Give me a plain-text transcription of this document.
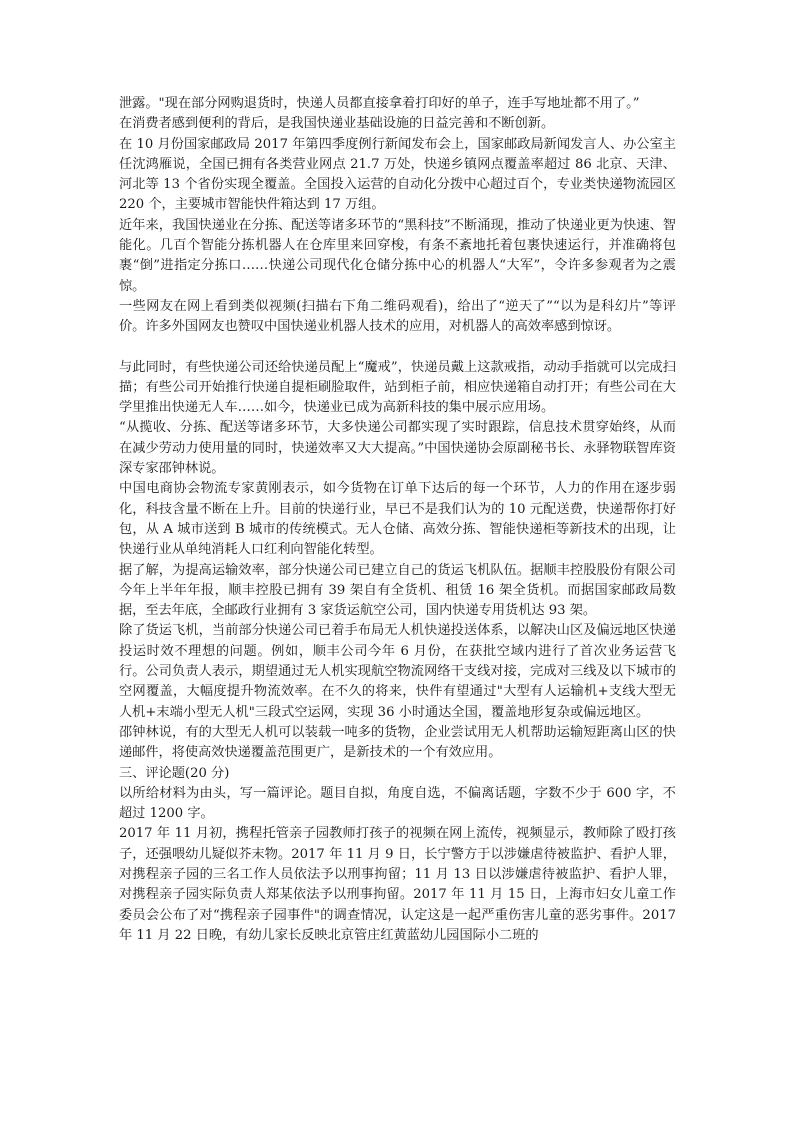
泄露。"现在部分网购退货时，快递人员都直接拿着打印好的单子，连手写地址都不用了。”

在消费者感到便利的背后，是我国快递业基础设施的日益完善和不断创新。

在 10 月份国家邮政局 2017 年第四季度例行新闻发布会上，国家邮政局新闻发言人、办公室主任沈鸿雁说，全国已拥有各类营业网点 21.7 万处，快递乡镇网点覆盖率超过 86 北京、天津、河北等 13 个省份实现全覆盖。全国投入运营的自动化分拨中心超过百个，专业类快递物流园区 220 个，主要城市智能快件箱达到 17 万组。

近年来，我国快递业在分拣、配送等诸多环节的“黑科技”不断涌现，推动了快递业更为快速、智能化。几百个智能分拣机器人在仓库里来回穿梭，有条不紊地托着包裹快速运行，并准确将包裹“倒”进指定分拣口……快递公司现代化仓储分拣中心的机器人“大军”，令许多参观者为之震惊。

一些网友在网上看到类似视频(扫描右下角二维码观看)，给出了“逆天了”“以为是科幻片”等评价。许多外国网友也赞叹中国快递业机器人技术的应用，对机器人的高效率感到惊讶。

与此同时，有些快递公司还给快递员配上“魔戒”，快递员戴上这款戒指，动动手指就可以完成扫描；有些公司开始推行快递自提柜刷脸取件，站到柜子前，相应快递箱自动打开；有些公司在大学里推出快递无人车……如今，快递业已成为高新科技的集中展示应用场。

“从揽收、分拣、配送等诸多环节，大多快递公司都实现了实时跟踪，信息技术贯穿始终，从而在减少劳动力使用量的同时，快递效率又大大提高。”中国快递协会原副秘书长、永驿物联智库资深专家邵钟林说。

中国电商协会物流专家黄刚表示，如今货物在订单下达后的每一个环节，人力的作用在逐步弱化，科技含量不断在上升。目前的快递行业，早已不是我们认为的 10 元配送费，快递帮你打好包，从 A 城市送到 B 城市的传统模式。无人仓储、高效分拣、智能快递柜等新技术的出现，让快递行业从单纯消耗人口红利向智能化转型。

据了解，为提高运输效率，部分快递公司已建立自己的货运飞机队伍。据顺丰控股股份有限公司今年上半年年报，顺丰控股已拥有 39 架自有全货机、租赁 16 架全货机。而据国家邮政局数据，至去年底，全邮政行业拥有 3 家货运航空公司，国内快递专用货机达 93 架。

除了货运飞机，当前部分快递公司已着手布局无人机快递投送体系，以解决山区及偏远地区快递投运时效不理想的问题。例如，顺丰公司今年 6 月份，在获批空域内进行了首次业务运营飞行。公司负责人表示，期望通过无人机实现航空物流网络干支线对接，完成对三线及以下城市的空网覆盖，大幅度提升物流效率。在不久的将来，快件有望通过"大型有人运输机+支线大型无人机+末端小型无人机"三段式空运网，实现 36 小时通达全国，覆盖地形复杂或偏远地区。

邵钟林说，有的大型无人机可以装载一吨多的货物，企业尝试用无人机帮助运输短距离山区的快递邮件，将使高效快递覆盖范围更广，是新技术的一个有效应用。

三、评论题(20 分)

以所给材料为由头，写一篇评论。题目自拟，角度自选，不偏离话题，字数不少于 600 字，不超过 1200 字。

2017 年 11 月初，携程托管亲子园教师打孩子的视频在网上流传，视频显示，教师除了殴打孩子，还强喂幼儿疑似芥末物。2017 年 11 月 9 日，长宁警方于以涉嫌虐待被监护、看护人罪，对携程亲子园的三名工作人员依法予以刑事拘留；11 月 13 日以涉嫌虐待被监护、看护人罪，对携程亲子园实际负责人郑某依法予以刑事拘留。2017 年 11 月 15 日，上海市妇女儿童工作委员会公布了对“携程亲子园事件"的调查情况，认定这是一起严重伤害儿童的恶劣事件。2017 年 11 月 22 日晚，有幼儿家长反映北京管庄红黄蓝幼儿园国际小二班的
